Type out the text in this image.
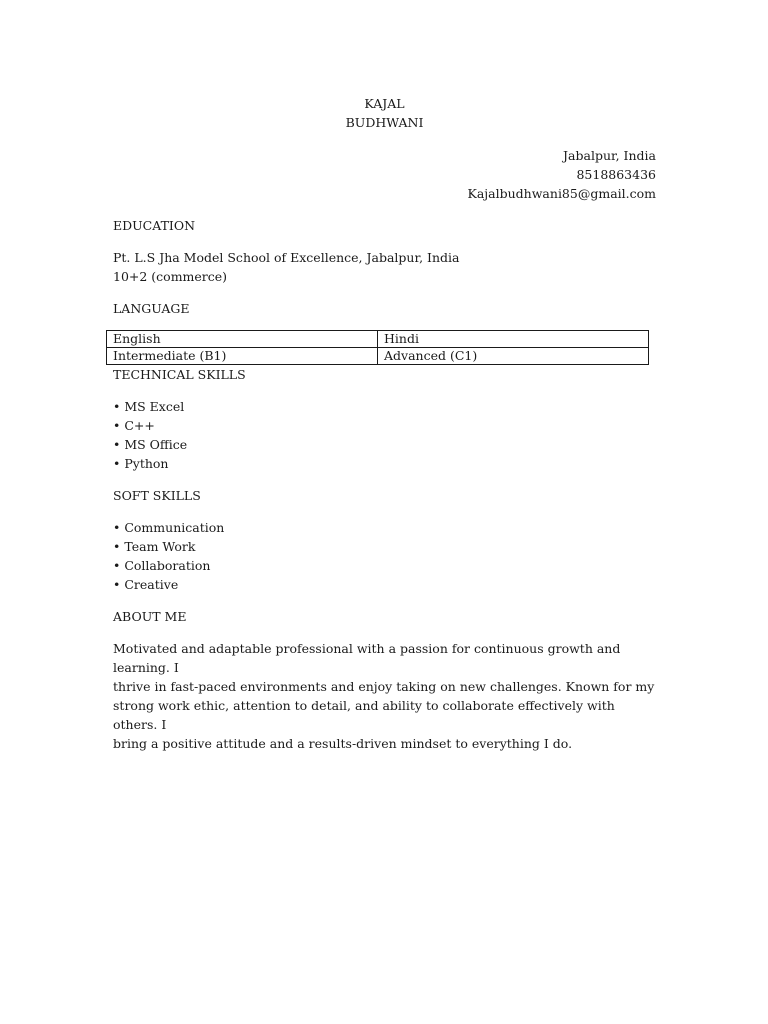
KAJAL
BUDHWANI
Jabalpur, India
8518863436
Kajalbudhwani85@gmail.com
EDUCATION
Pt. L.S Jha Model School of Excellence, Jabalpur, India
10+2 (commerce)
LANGUAGE
English	Hindi
Intermediate (B1)	Advanced (C1)
TECHNICAL SKILLS
• MS Excel
• C++
• MS Office
• Python
SOFT SKILLS
• Communication
• Team Work
• Collaboration
• Creative
ABOUT ME
Motivated and adaptable professional with a passion for continuous growth and learning. I
thrive in fast-paced environments and enjoy taking on new challenges. Known for my
strong work ethic, attention to detail, and ability to collaborate effectively with others. I
bring a positive attitude and a results-driven mindset to everything I do.
